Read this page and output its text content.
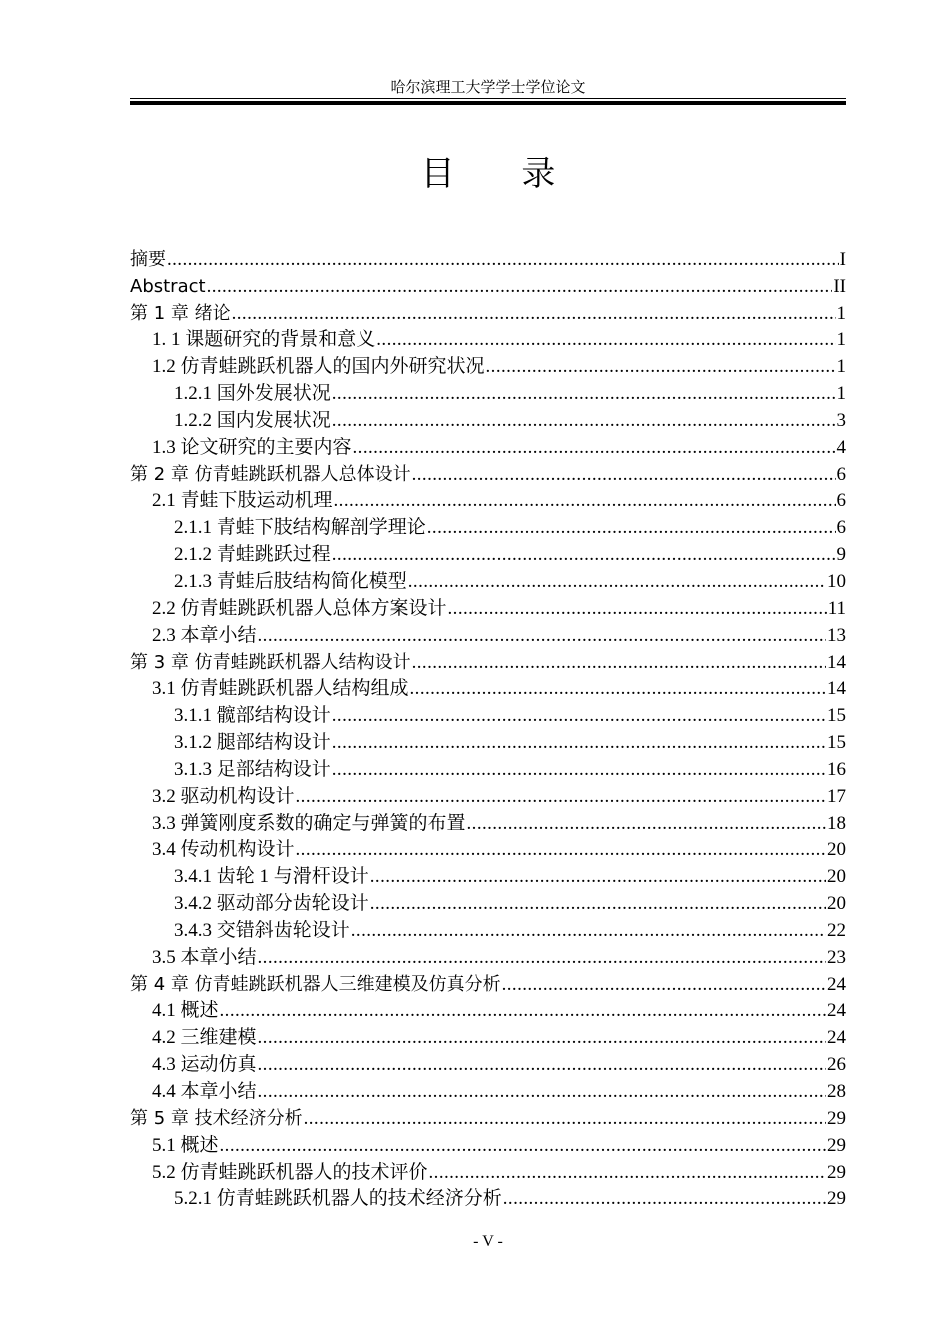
哈尔滨理工大学学士学位论文
目 录
摘要 .....	I
Abstract .....	II
第 1 章 绪论 .....	1
1. 1 课题研究的背景和意义 .....	1
1.2 仿青蛙跳跃机器人的国内外研究状况 .....	1
1.2.1 国外发展状况 .....	1
1.2.2 国内发展状况 .....	3
1.3 论文研究的主要内容 .....	4
第 2 章 仿青蛙跳跃机器人总体设计 .....	6
2.1 青蛙下肢运动机理 .....	6
2.1.1 青蛙下肢结构解剖学理论 .....	6
2.1.2 青蛙跳跃过程 .....	9
2.1.3 青蛙后肢结构简化模型 .....	10
2.2 仿青蛙跳跃机器人总体方案设计 .....	11
2.3 本章小结 .....	13
第 3 章 仿青蛙跳跃机器人结构设计 .....	14
3.1 仿青蛙跳跃机器人结构组成 .....	14
3.1.1 髋部结构设计 .....	15
3.1.2 腿部结构设计 .....	15
3.1.3 足部结构设计 .....	16
3.2 驱动机构设计 .....	17
3.3 弹簧刚度系数的确定与弹簧的布置 .....	18
3.4 传动机构设计 .....	20
3.4.1 齿轮 1 与滑杆设计 .....	20
3.4.2 驱动部分齿轮设计 .....	20
3.4.3 交错斜齿轮设计 .....	22
3.5 本章小结 .....	23
第 4 章 仿青蛙跳跃机器人三维建模及仿真分析 .....	24
4.1 概述 .....	24
4.2 三维建模 .....	24
4.3 运动仿真 .....	26
4.4 本章小结 .....	28
第 5 章 技术经济分析 .....	29
5.1 概述 .....	29
5.2 仿青蛙跳跃机器人的技术评价 .....	29
5.2.1 仿青蛙跳跃机器人的技术经济分析 .....	29
- V -
